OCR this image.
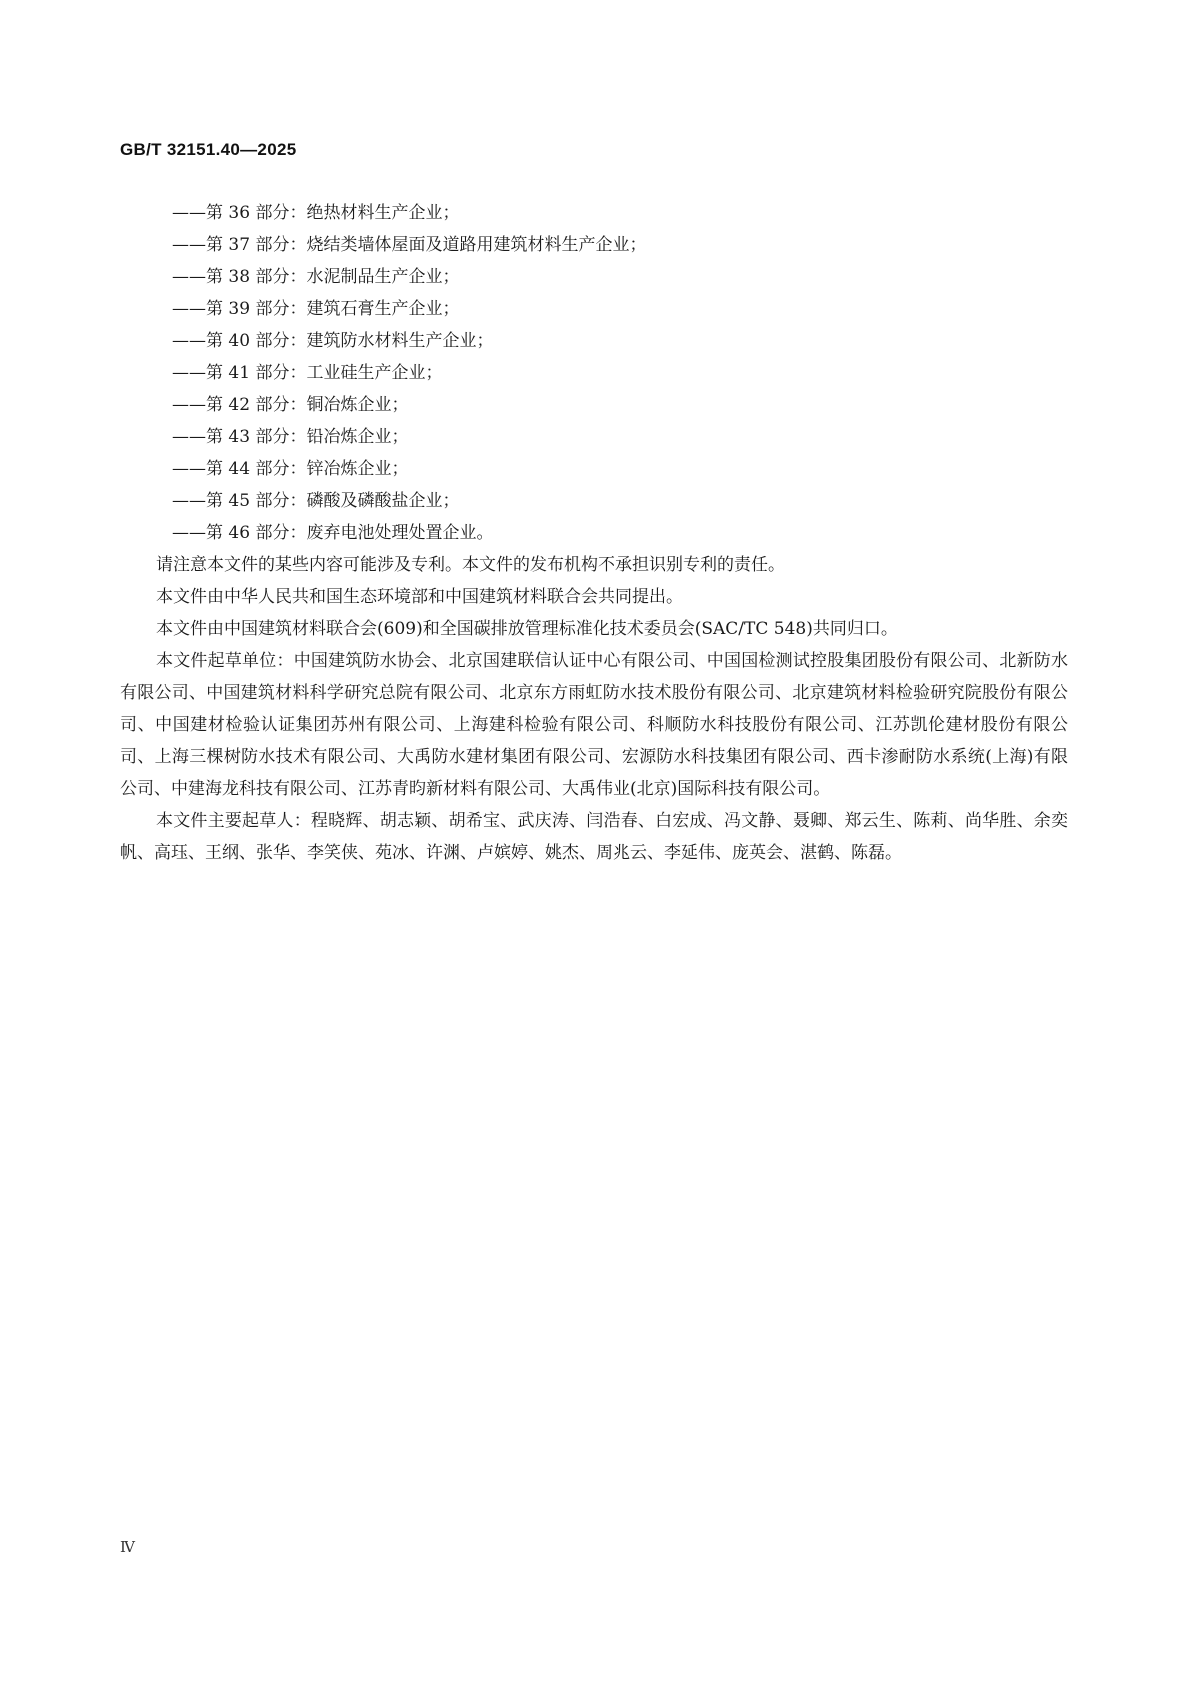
GB/T 32151.40—2025
——第 36 部分：绝热材料生产企业；
——第 37 部分：烧结类墙体屋面及道路用建筑材料生产企业；
——第 38 部分：水泥制品生产企业；
——第 39 部分：建筑石膏生产企业；
——第 40 部分：建筑防水材料生产企业；
——第 41 部分：工业硅生产企业；
——第 42 部分：铜冶炼企业；
——第 43 部分：铅冶炼企业；
——第 44 部分：锌冶炼企业；
——第 45 部分：磷酸及磷酸盐企业；
——第 46 部分：废弃电池处理处置企业。

请注意本文件的某些内容可能涉及专利。本文件的发布机构不承担识别专利的责任。

本文件由中华人民共和国生态环境部和中国建筑材料联合会共同提出。

本文件由中国建筑材料联合会(609)和全国碳排放管理标准化技术委员会(SAC/TC 548)共同归口。

本文件起草单位：中国建筑防水协会、北京国建联信认证中心有限公司、中国国检测试控股集团股份有限公司、北新防水有限公司、中国建筑材料科学研究总院有限公司、北京东方雨虹防水技术股份有限公司、北京建筑材料检验研究院股份有限公司、中国建材检验认证集团苏州有限公司、上海建科检验有限公司、科顺防水科技股份有限公司、江苏凯伦建材股份有限公司、上海三棵树防水技术有限公司、大禹防水建材集团有限公司、宏源防水科技集团有限公司、西卡渗耐防水系统(上海)有限公司、中建海龙科技有限公司、江苏青昀新材料有限公司、大禹伟业(北京)国际科技有限公司。

本文件主要起草人：程晓辉、胡志颖、胡希宝、武庆涛、闫浩春、白宏成、冯文静、聂卿、郑云生、陈莉、尚华胜、余奕帆、高珏、王纲、张华、李笑侠、苑冰、许渊、卢嫔婷、姚杰、周兆云、李延伟、庞英会、湛鹤、陈磊。

Ⅳ
